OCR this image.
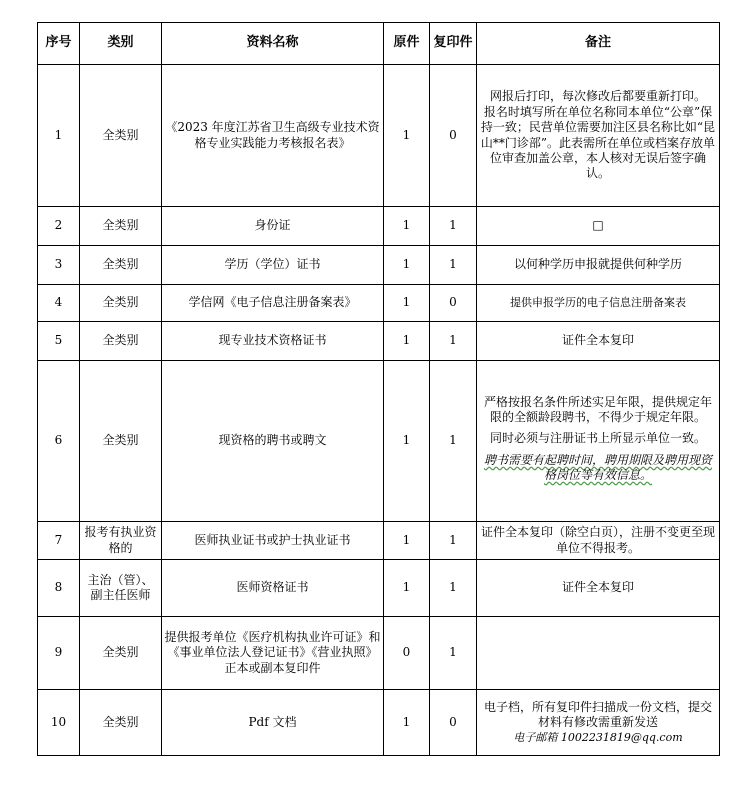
序号	类别	资料名称	原件	复印件	备注
1	全类别	《2023 年度江苏省卫生高级专业技术资格专业实践能力考核报名表》	1	0	网报后打印，每次修改后都要重新打印。
报名时填写所在单位名称同本单位“公章”保持一致；民营单位需要加注区县名称比如“昆山**门诊部”。此表需所在单位或档案存放单位审查加盖公章，本人核对无误后签字确认。

2	全类别	身份证	1	1	□
3	全类别	学历（学位）证书	1	1	以何种学历申报就提供何种学历
4	全类别	学信网《电子信息注册备案表》	1	0	提供申报学历的电子信息注册备案表
5	全类别	现专业技术资格证书	1	1	证件全本复印
6	全类别	现资格的聘书或聘文	1	1	严格按报名条件所述实足年限，提供规定年限的全额龄段聘书，不得少于规定年限。
同时必须与注册证书上所显示单位一致。
聘书需要有起聘时间，聘用期限及聘用现资格岗位等有效信息。

7	报考有执业资格的	医师执业证书或护士执业证书	1	1	证件全本复印（除空白页），注册不变更至现单位不得报考。
8	主治（管）、副主任医师	医师资格证书	1	1	证件全本复印
9	全类别	提供报考单位《医疗机构执业许可证》和《事业单位法人登记证书》《营业执照》正本或副本复印件	0	1	
10	全类别	Pdf 文档	1	0	电子档，所有复印件扫描成一份文档，提交材料有修改需重新发送
电子邮箱 1002231819@qq.com
